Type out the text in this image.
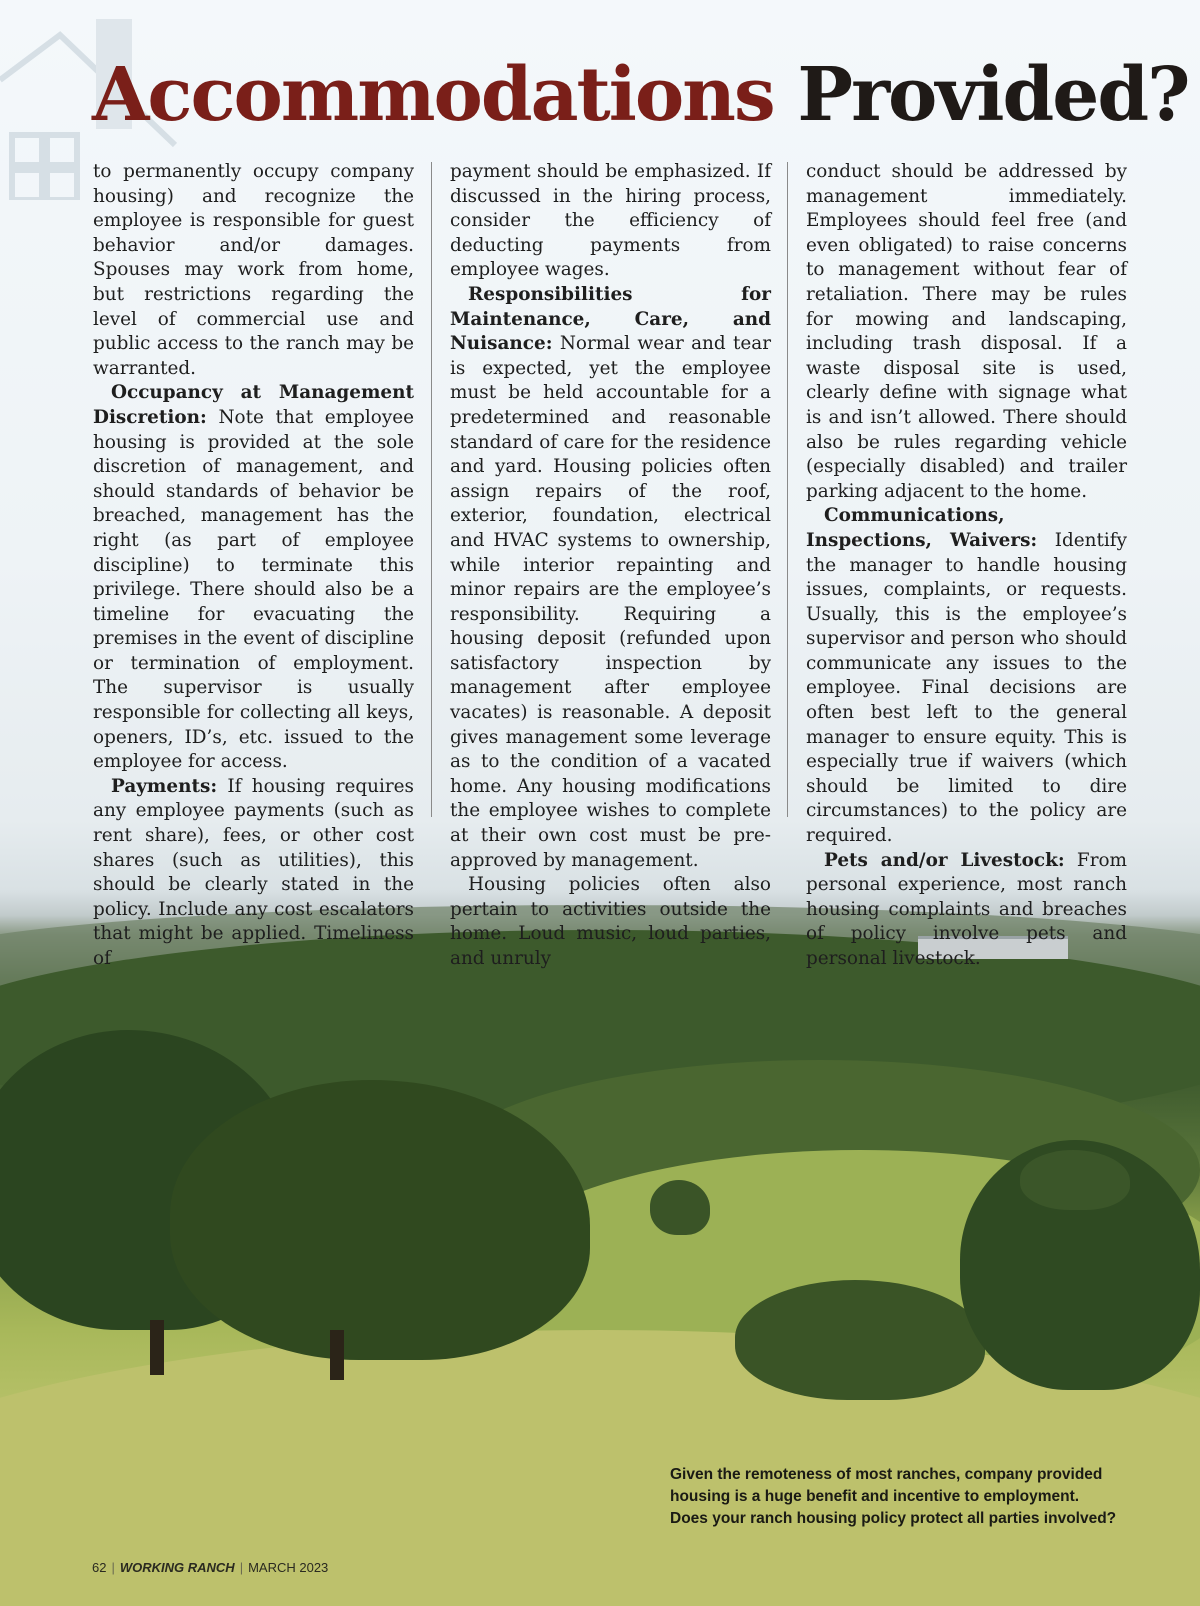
Accommodations Provided?

to permanently occupy company housing) and recognize the employee is responsible for guest behavior and/or damages. Spouses may work from home, but restrictions regarding the level of commercial use and public access to the ranch may be warranted.

Occupancy at Management Discretion: Note that employee housing is provided at the sole discretion of management, and should standards of behavior be breached, management has the right (as part of employee discipline) to terminate this privilege. There should also be a timeline for evacuating the premises in the event of discipline or termination of employment. The supervisor is usually responsible for collecting all keys, openers, ID’s, etc. issued to the employee for access.

Payments: If housing requires any employee payments (such as rent share), fees, or other cost shares (such as utilities), this should be clearly stated in the policy. Include any cost escalators that might be applied. Timeliness of

payment should be emphasized. If discussed in the hiring process, consider the efficiency of deducting payments from employee wages.

Responsibilities for Maintenance, Care, and Nuisance: Normal wear and tear is expected, yet the employee must be held accountable for a predetermined and reasonable standard of care for the residence and yard. Housing policies often assign repairs of the roof, exterior, foundation, electrical and HVAC systems to ownership, while interior repainting and minor repairs are the employee’s responsibility. Requiring a housing deposit (refunded upon satisfactory inspection by management after employee vacates) is reasonable. A deposit gives management some leverage as to the condition of a vacated home. Any housing modifications the employee wishes to complete at their own cost must be pre-approved by management.

Housing policies often also pertain to activities outside the home. Loud music, loud parties, and unruly

conduct should be addressed by management immediately. Employees should feel free (and even obligated) to raise concerns to management without fear of retaliation. There may be rules for mowing and landscaping, including trash disposal. If a waste disposal site is used, clearly define with signage what is and isn’t allowed. There should also be rules regarding vehicle (especially disabled) and trailer parking adjacent to the home.

Communications, Inspections, Waivers: Identify the manager to handle housing issues, complaints, or requests. Usually, this is the employee’s supervisor and person who should communicate any issues to the employee. Final decisions are often best left to the general manager to ensure equity. This is especially true if waivers (which should be limited to dire circumstances) to the policy are required.

Pets and/or Livestock: From personal experience, most ranch housing complaints and breaches of policy involve pets and personal livestock.

Given the remoteness of most ranches, company provided
housing is a huge benefit and incentive to employment.
Does your ranch housing policy protect all parties involved?

62 | WORKING RANCH | MARCH 2023
